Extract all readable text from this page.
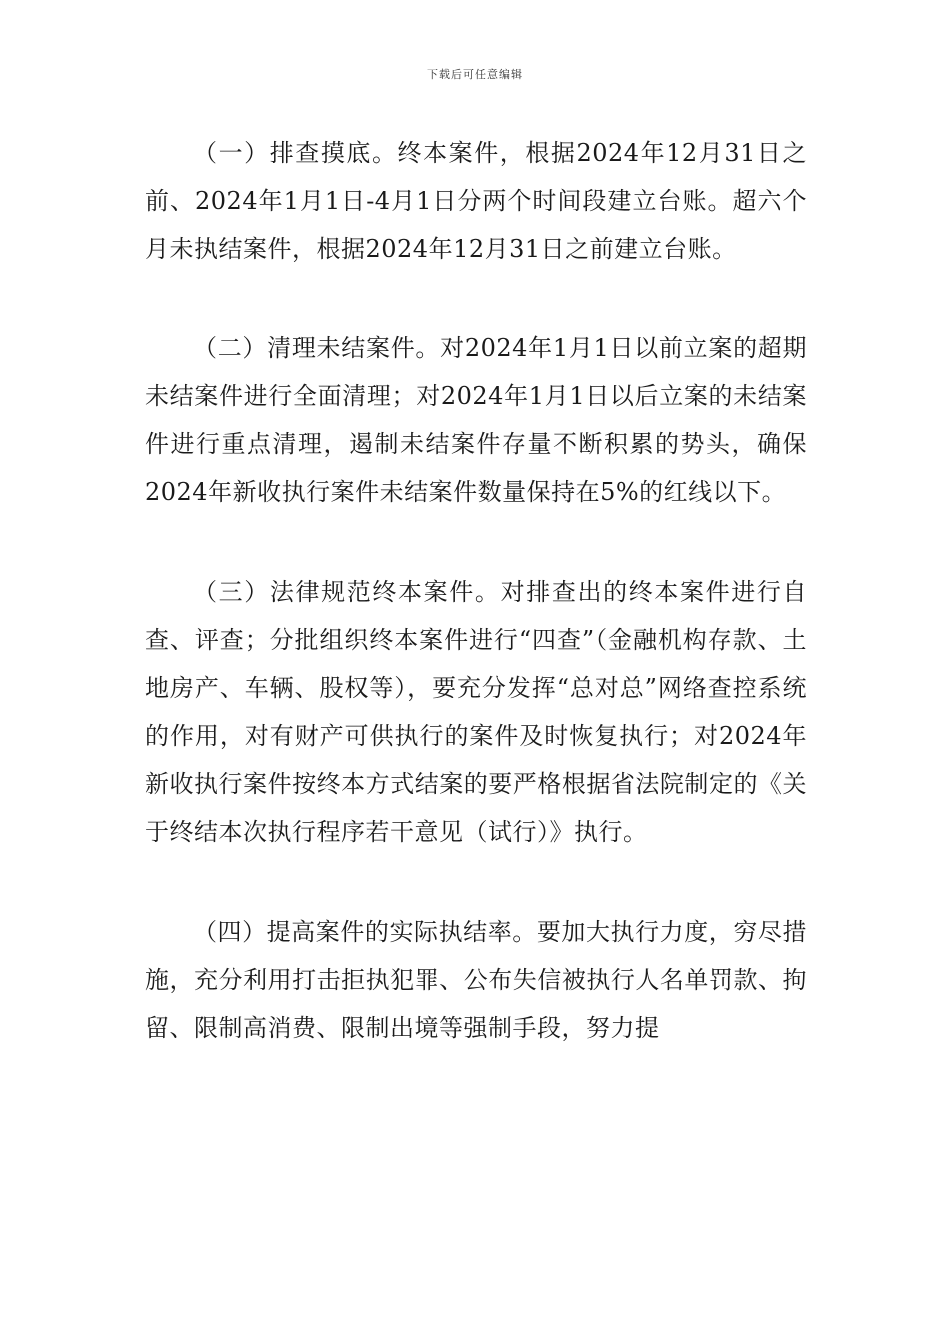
下载后可任意编辑

（一）排查摸底。终本案件，根据2024年12月31日之前、2024年1月1日-4月1日分两个时间段建立台账。超六个月未执结案件，根据2024年12月31日之前建立台账。

（二）清理未结案件。对2024年1月1日以前立案的超期未结案件进行全面清理；对2024年1月1日以后立案的未结案件进行重点清理，遏制未结案件存量不断积累的势头，确保2024年新收执行案件未结案件数量保持在5%的红线以下。

（三）法律规范终本案件。对排查出的终本案件进行自查、评查；分批组织终本案件进行“四查”（金融机构存款、土地房产、车辆、股权等），要充分发挥“总对总”网络查控系统的作用，对有财产可供执行的案件及时恢复执行；对2024年新收执行案件按终本方式结案的要严格根据省法院制定的《关于终结本次执行程序若干意见（试行）》执行。

（四）提高案件的实际执结率。要加大执行力度，穷尽措施，充分利用打击拒执犯罪、公布失信被执行人名单罚款、拘留、限制高消费、限制出境等强制手段，努力提
